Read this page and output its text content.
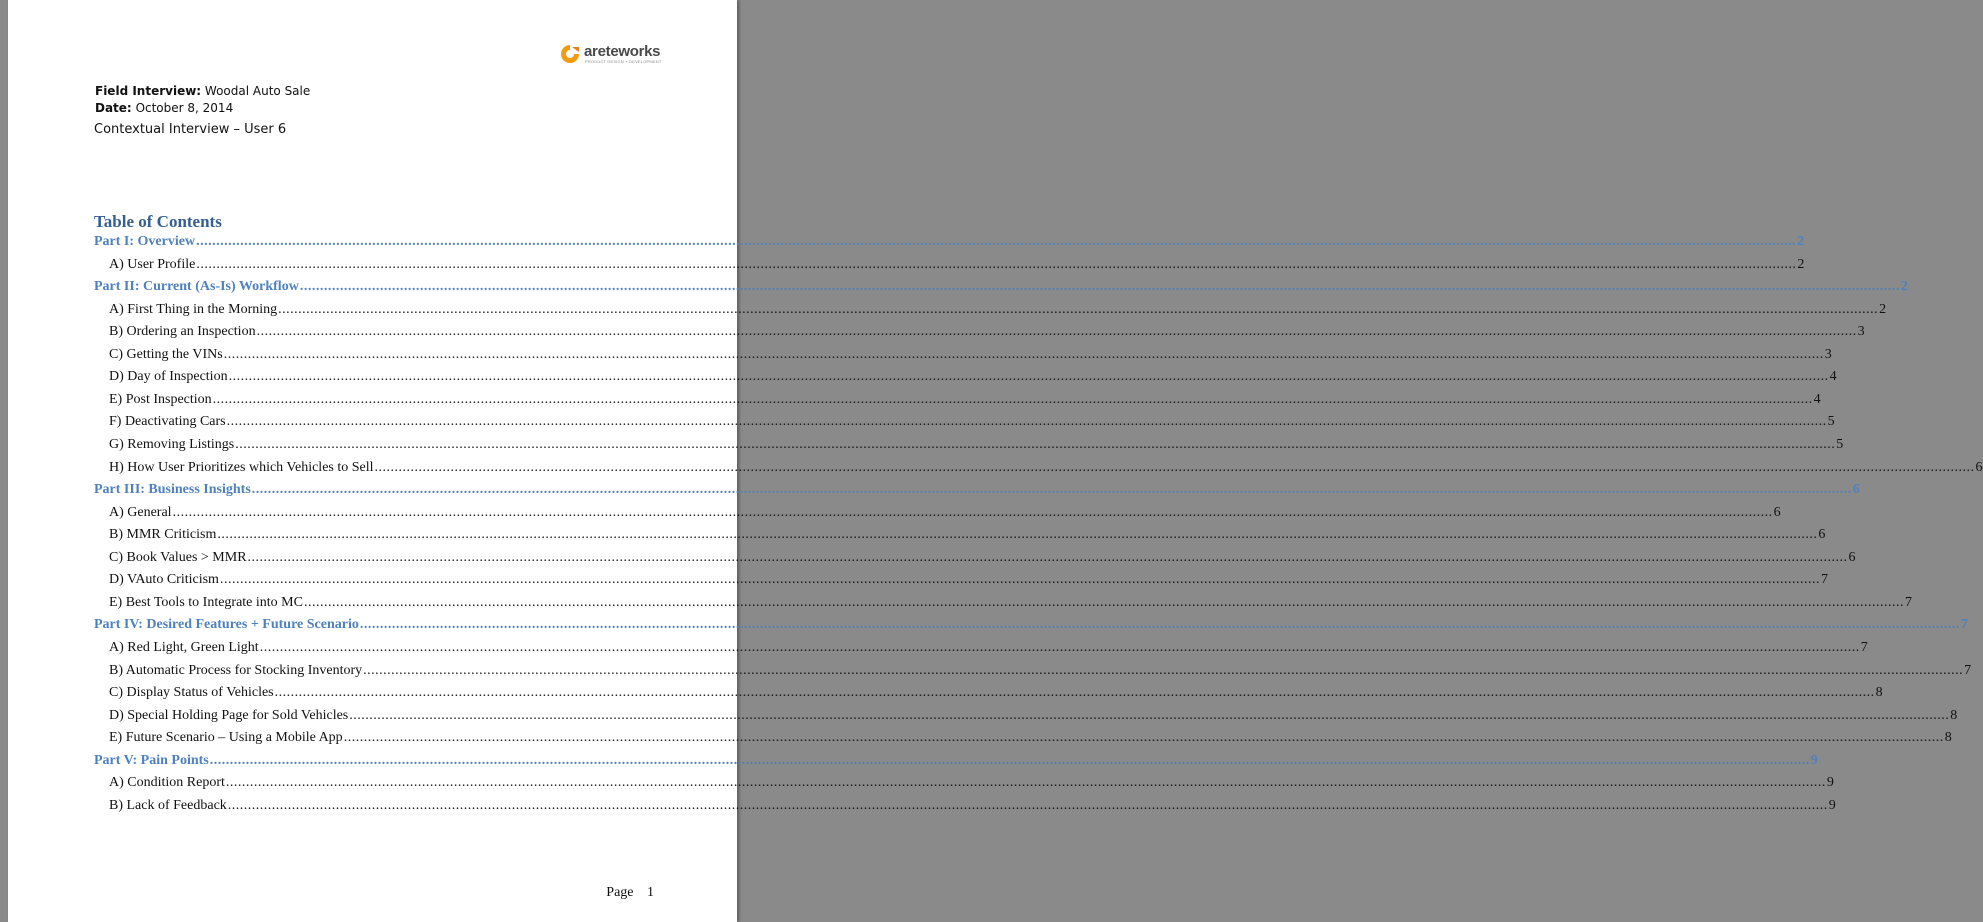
areteworks
PRODUCT DESIGN + DEVELOPMENT
Field Interview: Woodal Auto Sale
Date: October 8, 2014
Contextual Interview – User 6
Table of Contents
Page 1
Part I: Overview ................................................................................................................................................................................................................................................................................................................................................................................................................ 2
A) User Profile ................................................................................................................................................................................................................................................................................................................................................................................................................ 2
Part II: Current (As-Is) Workflow ................................................................................................................................................................................................................................................................................................................................................................................................................ 2
A) First Thing in the Morning ................................................................................................................................................................................................................................................................................................................................................................................................................ 2
B) Ordering an Inspection ................................................................................................................................................................................................................................................................................................................................................................................................................ 3
C) Getting the VINs ................................................................................................................................................................................................................................................................................................................................................................................................................ 3
D) Day of Inspection ................................................................................................................................................................................................................................................................................................................................................................................................................ 4
E) Post Inspection ................................................................................................................................................................................................................................................................................................................................................................................................................ 4
F) Deactivating Cars ................................................................................................................................................................................................................................................................................................................................................................................................................ 5
G) Removing Listings ................................................................................................................................................................................................................................................................................................................................................................................................................ 5
H) How User Prioritizes which Vehicles to Sell ................................................................................................................................................................................................................................................................................................................................................................................................................ 6
Part III: Business Insights ................................................................................................................................................................................................................................................................................................................................................................................................................ 6
A) General ................................................................................................................................................................................................................................................................................................................................................................................................................ 6
B) MMR Criticism ................................................................................................................................................................................................................................................................................................................................................................................................................ 6
C) Book Values > MMR ................................................................................................................................................................................................................................................................................................................................................................................................................ 6
D) VAuto Criticism ................................................................................................................................................................................................................................................................................................................................................................................................................ 7
E) Best Tools to Integrate into MC ................................................................................................................................................................................................................................................................................................................................................................................................................ 7
Part IV: Desired Features + Future Scenario ................................................................................................................................................................................................................................................................................................................................................................................................................ 7
A) Red Light, Green Light ................................................................................................................................................................................................................................................................................................................................................................................................................ 7
B) Automatic Process for Stocking Inventory ................................................................................................................................................................................................................................................................................................................................................................................................................ 7
C) Display Status of Vehicles ................................................................................................................................................................................................................................................................................................................................................................................................................ 8
D) Special Holding Page for Sold Vehicles ................................................................................................................................................................................................................................................................................................................................................................................................................ 8
E) Future Scenario – Using a Mobile App ................................................................................................................................................................................................................................................................................................................................................................................................................ 8
Part V: Pain Points ................................................................................................................................................................................................................................................................................................................................................................................................................ 9
A) Condition Report ................................................................................................................................................................................................................................................................................................................................................................................................................ 9
B) Lack of Feedback ................................................................................................................................................................................................................................................................................................................................................................................................................ 9
